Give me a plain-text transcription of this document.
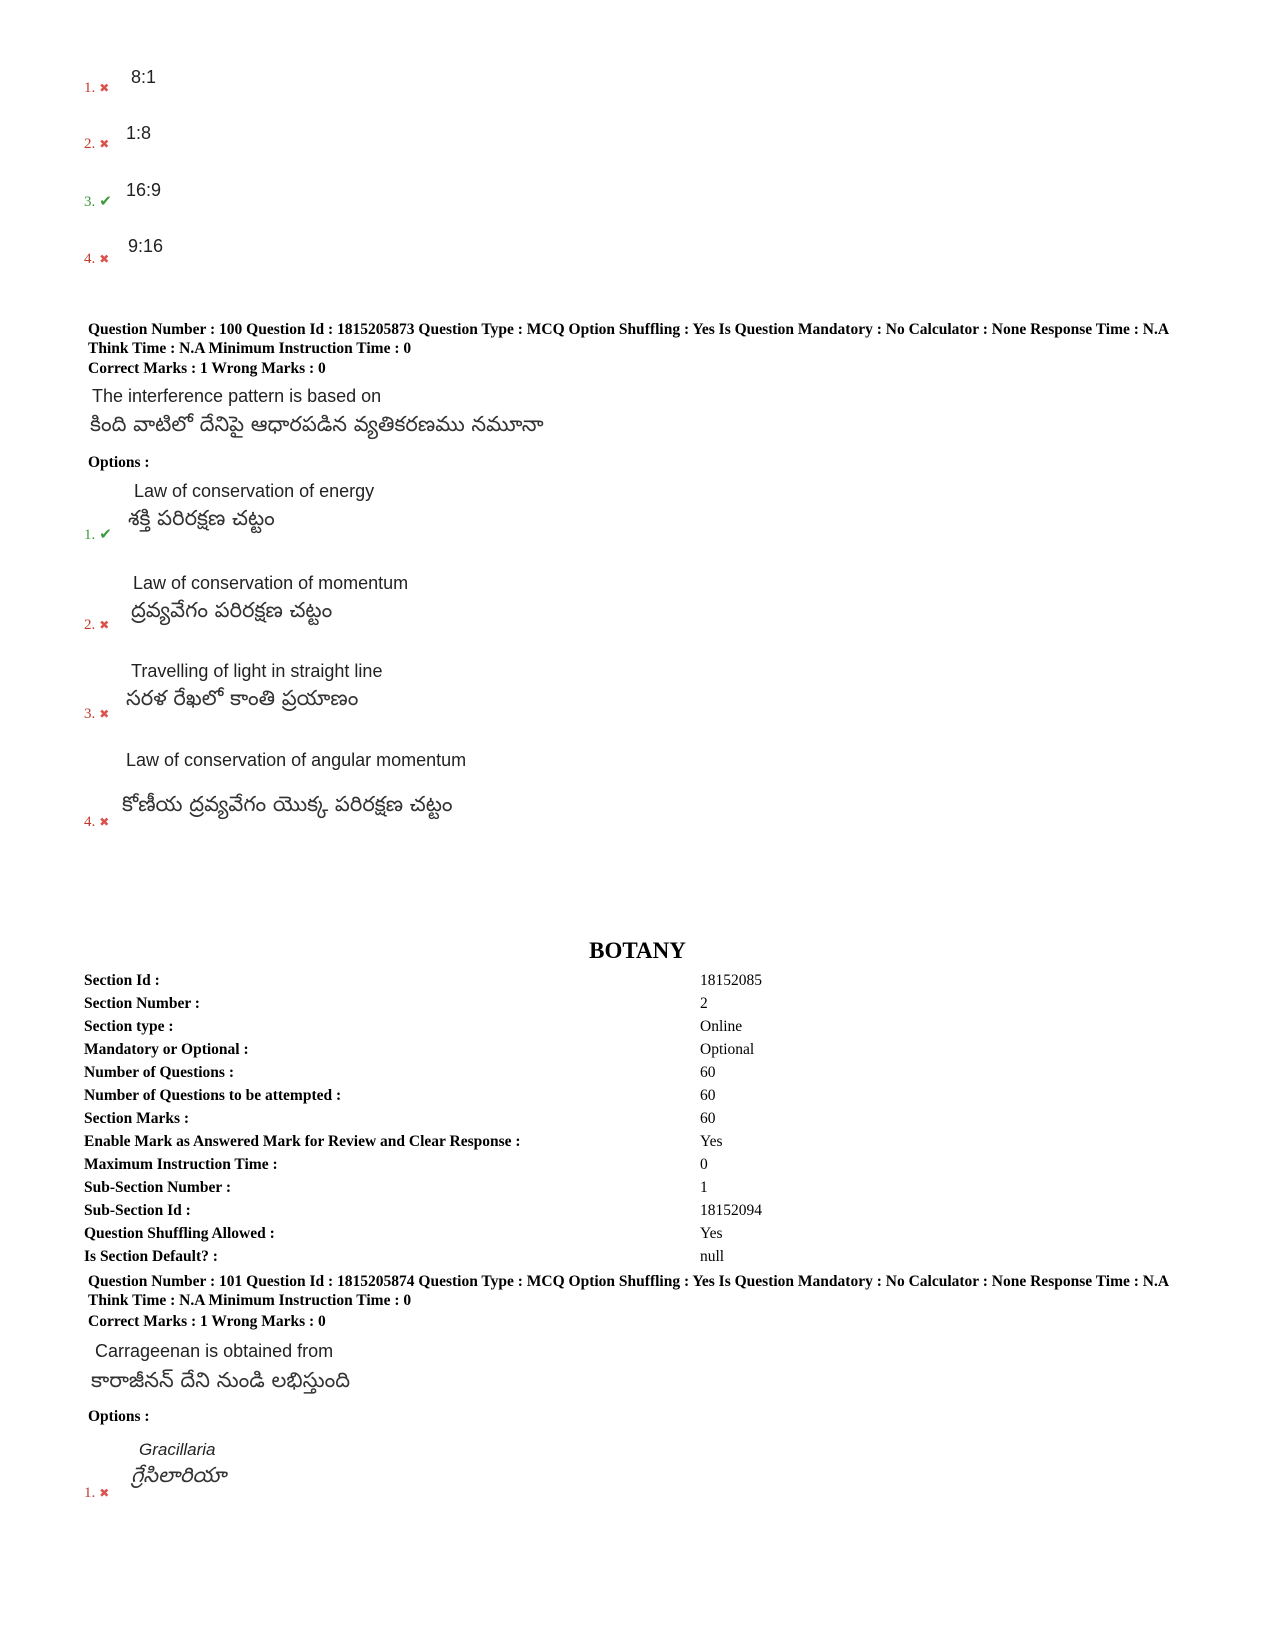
1. ✖
8:1
2. ✖
1:8
3. ✔
16:9
4. ✖
9:16
Question Number : 100 Question Id : 1815205873 Question Type : MCQ Option Shuffling : Yes Is Question Mandatory : No Calculator : None Response Time : N.A Think Time : N.A Minimum Instruction Time : 0
Correct Marks : 1 Wrong Marks : 0
The interference pattern is based on
కింది వాటిలో దేనిపై ఆధారపడిన వ్యతికరణము నమూనా
Options :
Law of conservation of energy
శక్తి పరిరక్షణ చట్టం
1. ✔
Law of conservation of momentum
ద్రవ్యవేగం పరిరక్షణ చట్టం
2. ✖
Travelling of light in straight line
సరళ రేఖలో కాంతి ప్రయాణం
3. ✖
Law of conservation of angular momentum
కోణీయ ద్రవ్యవేగం యొక్క పరిరక్షణ చట్టం
4. ✖
BOTANY
Section Id :	18152085
Section Number :	2
Section type :	Online
Mandatory or Optional :	Optional
Number of Questions :	60
Number of Questions to be attempted :	60
Section Marks :	60
Enable Mark as Answered Mark for Review and Clear Response :	Yes
Maximum Instruction Time :	0
Sub-Section Number :	1
Sub-Section Id :	18152094
Question Shuffling Allowed :	Yes
Is Section Default? :	null
Question Number : 101 Question Id : 1815205874 Question Type : MCQ Option Shuffling : Yes Is Question Mandatory : No Calculator : None Response Time : N.A Think Time : N.A Minimum Instruction Time : 0
Correct Marks : 1 Wrong Marks : 0
Carrageenan is obtained from
కారాజీనన్ దేని నుండి లభిస్తుంది
Options :
Gracillaria
గ్రేసిలారియా
1. ✖
